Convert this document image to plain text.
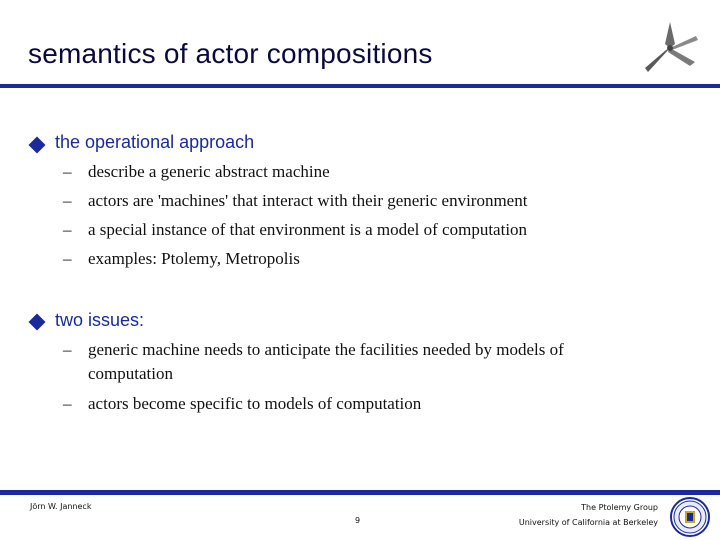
semantics of actor compositions
the operational approach
– describe a generic abstract machine
– actors are 'machines' that interact with their generic environment
– a special instance of that environment is a model of computation
– examples: Ptolemy, Metropolis
two issues:
– generic machine needs to anticipate the facilities needed by models of
computation
– actors become specific to models of computation
Jörn W. Janneck
9
The Ptolemy Group
University of California at Berkeley
